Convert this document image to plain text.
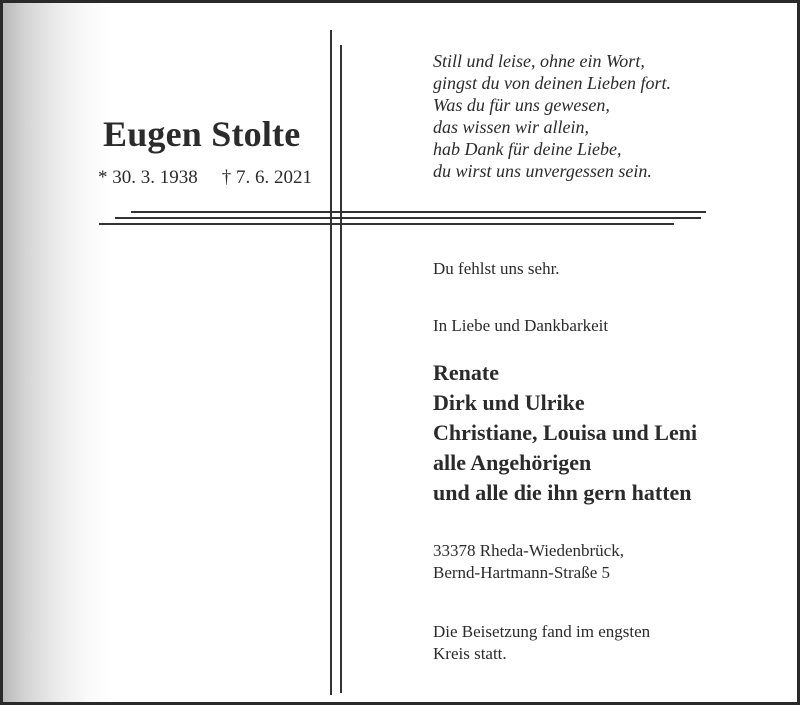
Eugen Stolte
* 30. 3. 1938 † 7. 6. 2021
Still und leise, ohne ein Wort,
gingst du von deinen Lieben fort.
Was du für uns gewesen,
das wissen wir allein,
hab Dank für deine Liebe,
du wirst uns unvergessen sein.
Du fehlst uns sehr.
In Liebe und Dankbarkeit
Renate
Dirk und Ulrike
Christiane, Louisa und Leni
alle Angehörigen
und alle die ihn gern hatten
33378 Rheda-Wiedenbrück,
Bernd-Hartmann-Straße 5
Die Beisetzung fand im engsten
Kreis statt.
